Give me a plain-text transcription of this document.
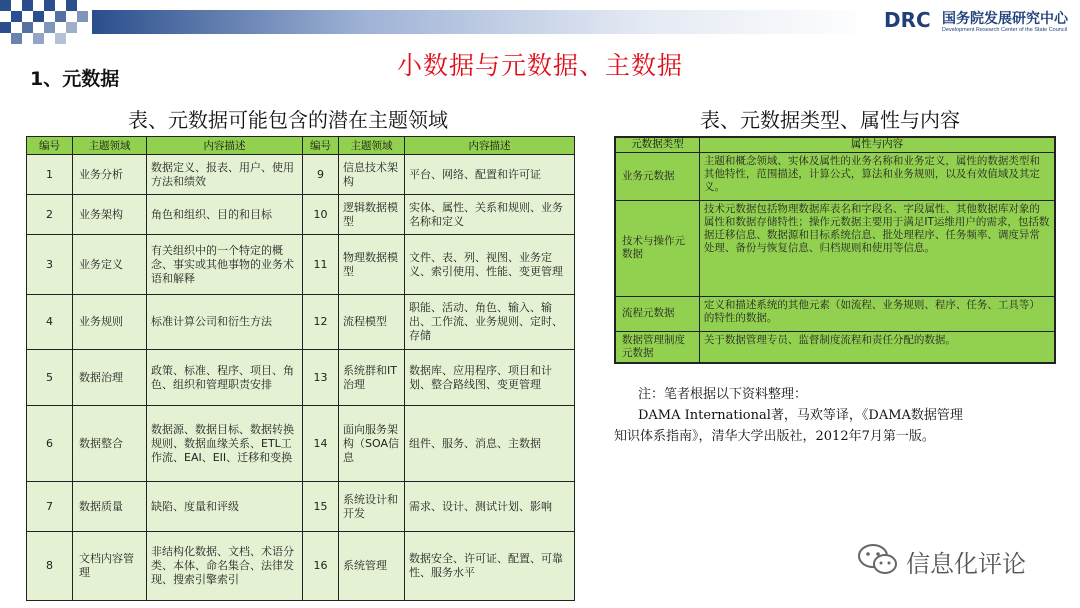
DRC 国务院发展研究中心
Development Research Center of the State Council
小数据与元数据、主数据
1、元数据
表、元数据可能包含的潜在主题领域	表、元数据类型、属性与内容
编号	主题领域	内容描述	编号	主题领域	内容描述
1	业务分析	数据定义、报表、用户、使用方法和绩效	9	信息技术架构	平台、网络、配置和许可证
2	业务架构	角色和组织、目的和目标	10	逻辑数据模型	实体、属性、关系和规则、业务名称和定义
3	业务定义	有关组织中的一个特定的概念、事实或其他事物的业务术语和解释	11	物理数据模型	文件、表、列、视图、业务定义、索引使用、性能、变更管理
4	业务规则	标准计算公司和衍生方法	12	流程模型	职能、活动、角色、输入、输出、工作流、业务规则、定时、存储
5	数据治理	政策、标准、程序、项目、角色、组织和管理职责安排	13	系统群和IT治理	数据库、应用程序、项目和计划、整合路线图、变更管理
6	数据整合	数据源、数据目标、数据转换规则、数据血缘关系、ETL工作流、EAI、EII、迁移和变换	14	面向服务架构（SOA信息	组件、服务、消息、主数据
7	数据质量	缺陷、度量和评级	15	系统设计和开发	需求、设计、测试计划、影响
8	文档内容管理	非结构化数据、文档、术语分类、本体、命名集合、法律发现、搜索引擎索引	16	系统管理	数据安全、许可证、配置、可靠性、服务水平
元数据类型	属性与内容
业务元数据	主题和概念领域、实体及属性的业务名称和业务定义，属性的数据类型和其他特性，范围描述，计算公式，算法和业务规则，以及有效值域及其定义。
技术与操作元数据	技术元数据包括物理数据库表名和字段名、字段属性、其他数据库对象的属性和数据存储特性；操作元数据主要用于满足IT运维用户的需求，包括数据迁移信息、数据源和目标系统信息、批处理程序、任务频率、调度异常处理、备份与恢复信息、归档规则和使用等信息。
流程元数据	定义和描述系统的其他元素（如流程、业务规则、程序、任务、工具等）的特性的数据。
数据管理制度元数据	关于数据管理专员、监督制度流程和责任分配的数据。

注：笔者根据以下资料整理：

DAMA International著，马欢等译，《DAMA数据管理

知识体系指南》，清华大学出版社，2012年7月第一版。

信息化评论
